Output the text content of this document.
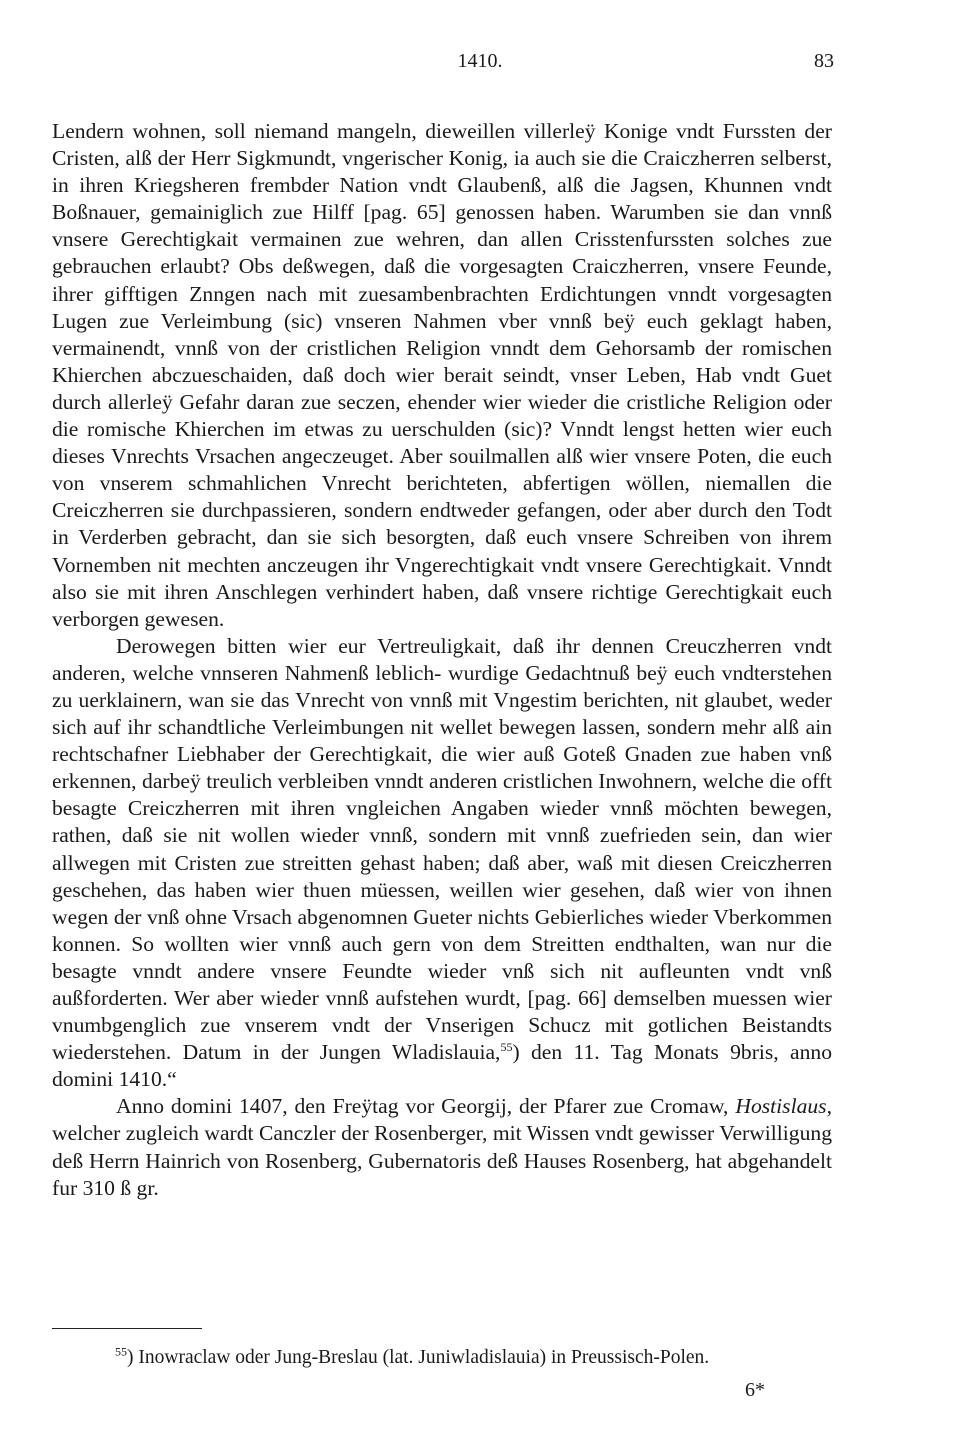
1410.	83

Lendern wohnen, soll niemand mangeln, dieweillen villerleÿ Konige vndt Furssten der Cristen, alß der Herr Sigkmundt, vngerischer Konig, ia auch sie die Craiczherren selberst, in ihren Kriegsheren frembder Nation vndt Glaubenß, alß die Jagsen, Khunnen vndt Boßnauer, gemainiglich zue Hilff [pag. 65] genossen haben. Warumben sie dan vnnß vnsere Gerechtigkait vermainen zue wehren, dan allen Crisstenfurssten solches zue gebrauchen erlaubt? Obs deßwegen, daß die vorgesagten Craiczherren, vnsere Feunde, ihrer gifftigen Znngen nach mit zuesambenbrachten Erdichtungen vnndt vorgesagten Lugen zue Verleimbung (sic) vnseren Nahmen vber vnnß beÿ euch geklagt haben, vermainendt, vnnß von der cristlichen Religion vnndt dem Gehorsamb der romischen Khierchen abczueschaiden, daß doch wier berait seindt, vnser Leben, Hab vndt Guet durch allerleÿ Gefahr daran zue seczen, ehender wier wieder die cristliche Religion oder die romische Khierchen im etwas zu uerschulden (sic)? Vnndt lengst hetten wier euch dieses Vnrechts Vrsachen angeczeuget. Aber souilmallen alß wier vnsere Poten, die euch von vnserem schmahlichen Vnrecht berichteten, abfertigen wöllen, niemallen die Creiczherren sie durchpassieren, sondern endtweder gefangen, oder aber durch den Todt in Verderben gebracht, dan sie sich besorgten, daß euch vnsere Schreiben von ihrem Vornemben nit mechten anczeugen ihr Vngerechtigkait vndt vnsere Gerechtigkait. Vnndt also sie mit ihren Anschlegen verhindert haben, daß vnsere richtige Gerechtigkait euch verborgen gewesen.

Derowegen bitten wier eur Vertreuligkait, daß ihr dennen Creuczherren vndt anderen, welche vnnseren Nahmenß leblich- wurdige Gedachtnuß beÿ euch vndterstehen zu uerklainern, wan sie das Vnrecht von vnnß mit Vngestim berichten, nit glaubet, weder sich auf ihr schandtliche Verleimbungen nit wellet bewegen lassen, sondern mehr alß ain rechtschafner Liebhaber der Gerechtigkait, die wier auß Goteß Gnaden zue haben vnß erkennen, darbeÿ treulich verbleiben vnndt anderen cristlichen Inwohnern, welche die offt besagte Creiczherren mit ihren vngleichen Angaben wieder vnnß möchten bewegen, rathen, daß sie nit wollen wieder vnnß, sondern mit vnnß zuefrieden sein, dan wier allwegen mit Cristen zue streitten gehast haben; daß aber, waß mit diesen Creiczherren geschehen, das haben wier thuen müessen, weillen wier gesehen, daß wier von ihnen wegen der vnß ohne Vrsach abgenomnen Gueter nichts Gebierliches wieder Vberkommen konnen. So wollten wier vnnß auch gern von dem Streitten endthalten, wan nur die besagte vnndt andere vnsere Feundte wieder vnß sich nit aufleunten vndt vnß außforderten. Wer aber wieder vnnß aufstehen wurdt, [pag. 66] demselben muessen wier vnumbgenglich zue vnserem vndt der Vnserigen Schucz mit gotlichen Beistandts wiederstehen. Datum in der Jungen Wladislauia,$^{55}$) den 11. Tag Monats 9bris, anno domini 1410.“

Anno domini 1407, den Freÿtag vor Georgij, der Pfarer zue Cromaw, Hostislaus, welcher zugleich wardt Canczler der Rosenberger, mit Wissen vndt gewisser Verwilligung deß Herrn Hainrich von Rosenberg, Gubernatoris deß Hauses Rosenberg, hat abgehandelt fur 310 ß gr.

$^{55}$) Inowraclaw oder Jung-Breslau (lat. Juniwladislauia) in Preussisch-Polen.
6*
